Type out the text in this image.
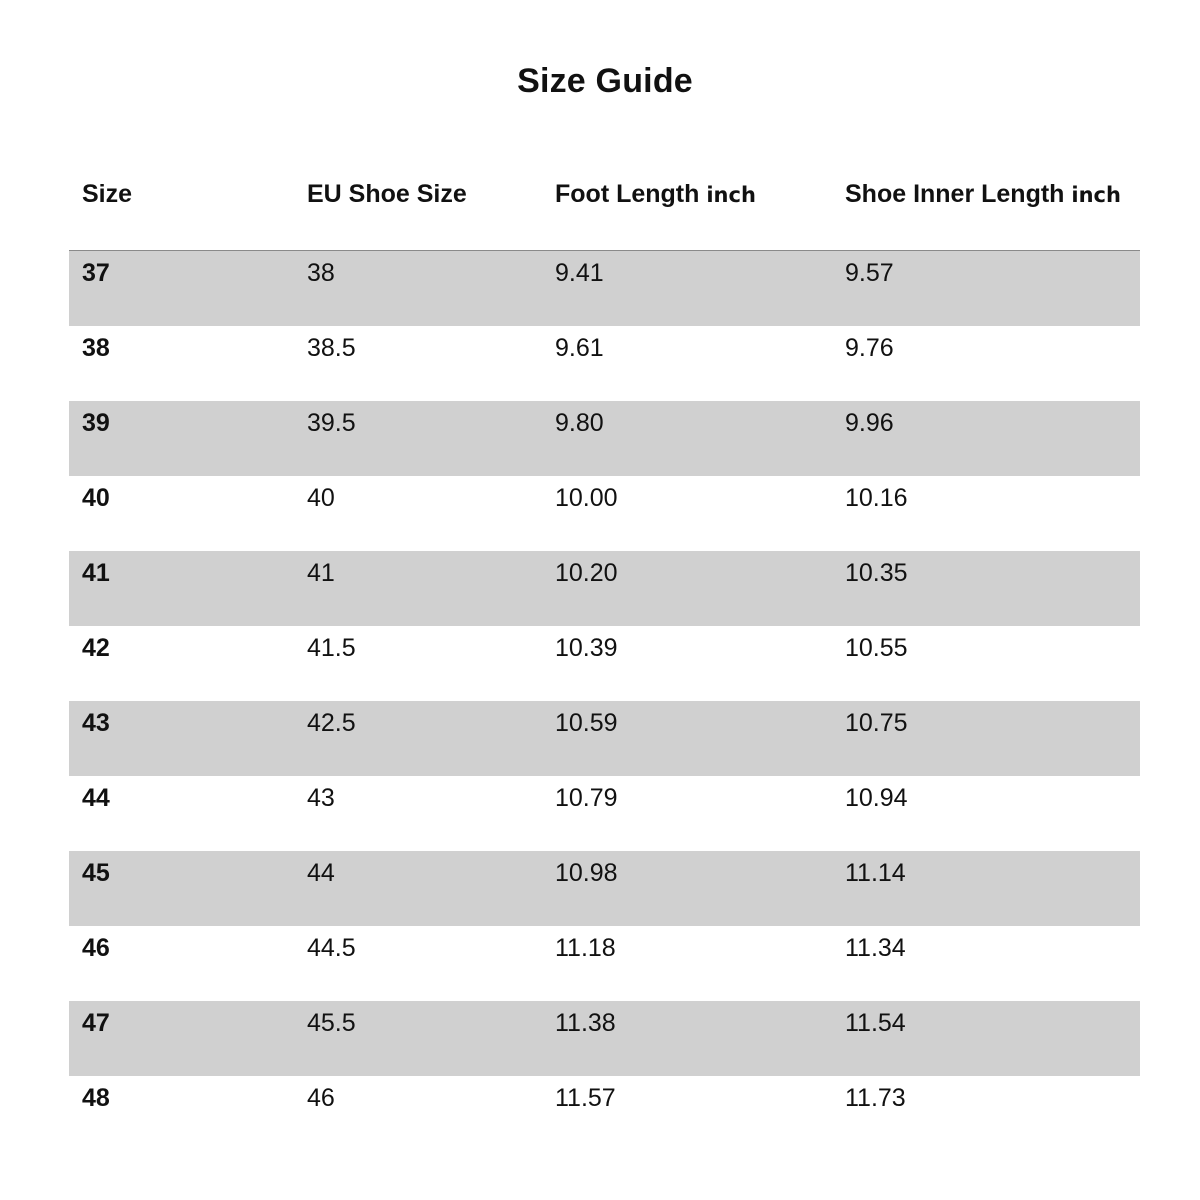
Size Guide
Size	EU Shoe Size	Foot Length inch	Shoe Inner Length inch
37	38	9.41	9.57
38	38.5	9.61	9.76
39	39.5	9.80	9.96
40	40	10.00	10.16
41	41	10.20	10.35
42	41.5	10.39	10.55
43	42.5	10.59	10.75
44	43	10.79	10.94
45	44	10.98	11.14
46	44.5	11.18	11.34
47	45.5	11.38	11.54
48	46	11.57	11.73
